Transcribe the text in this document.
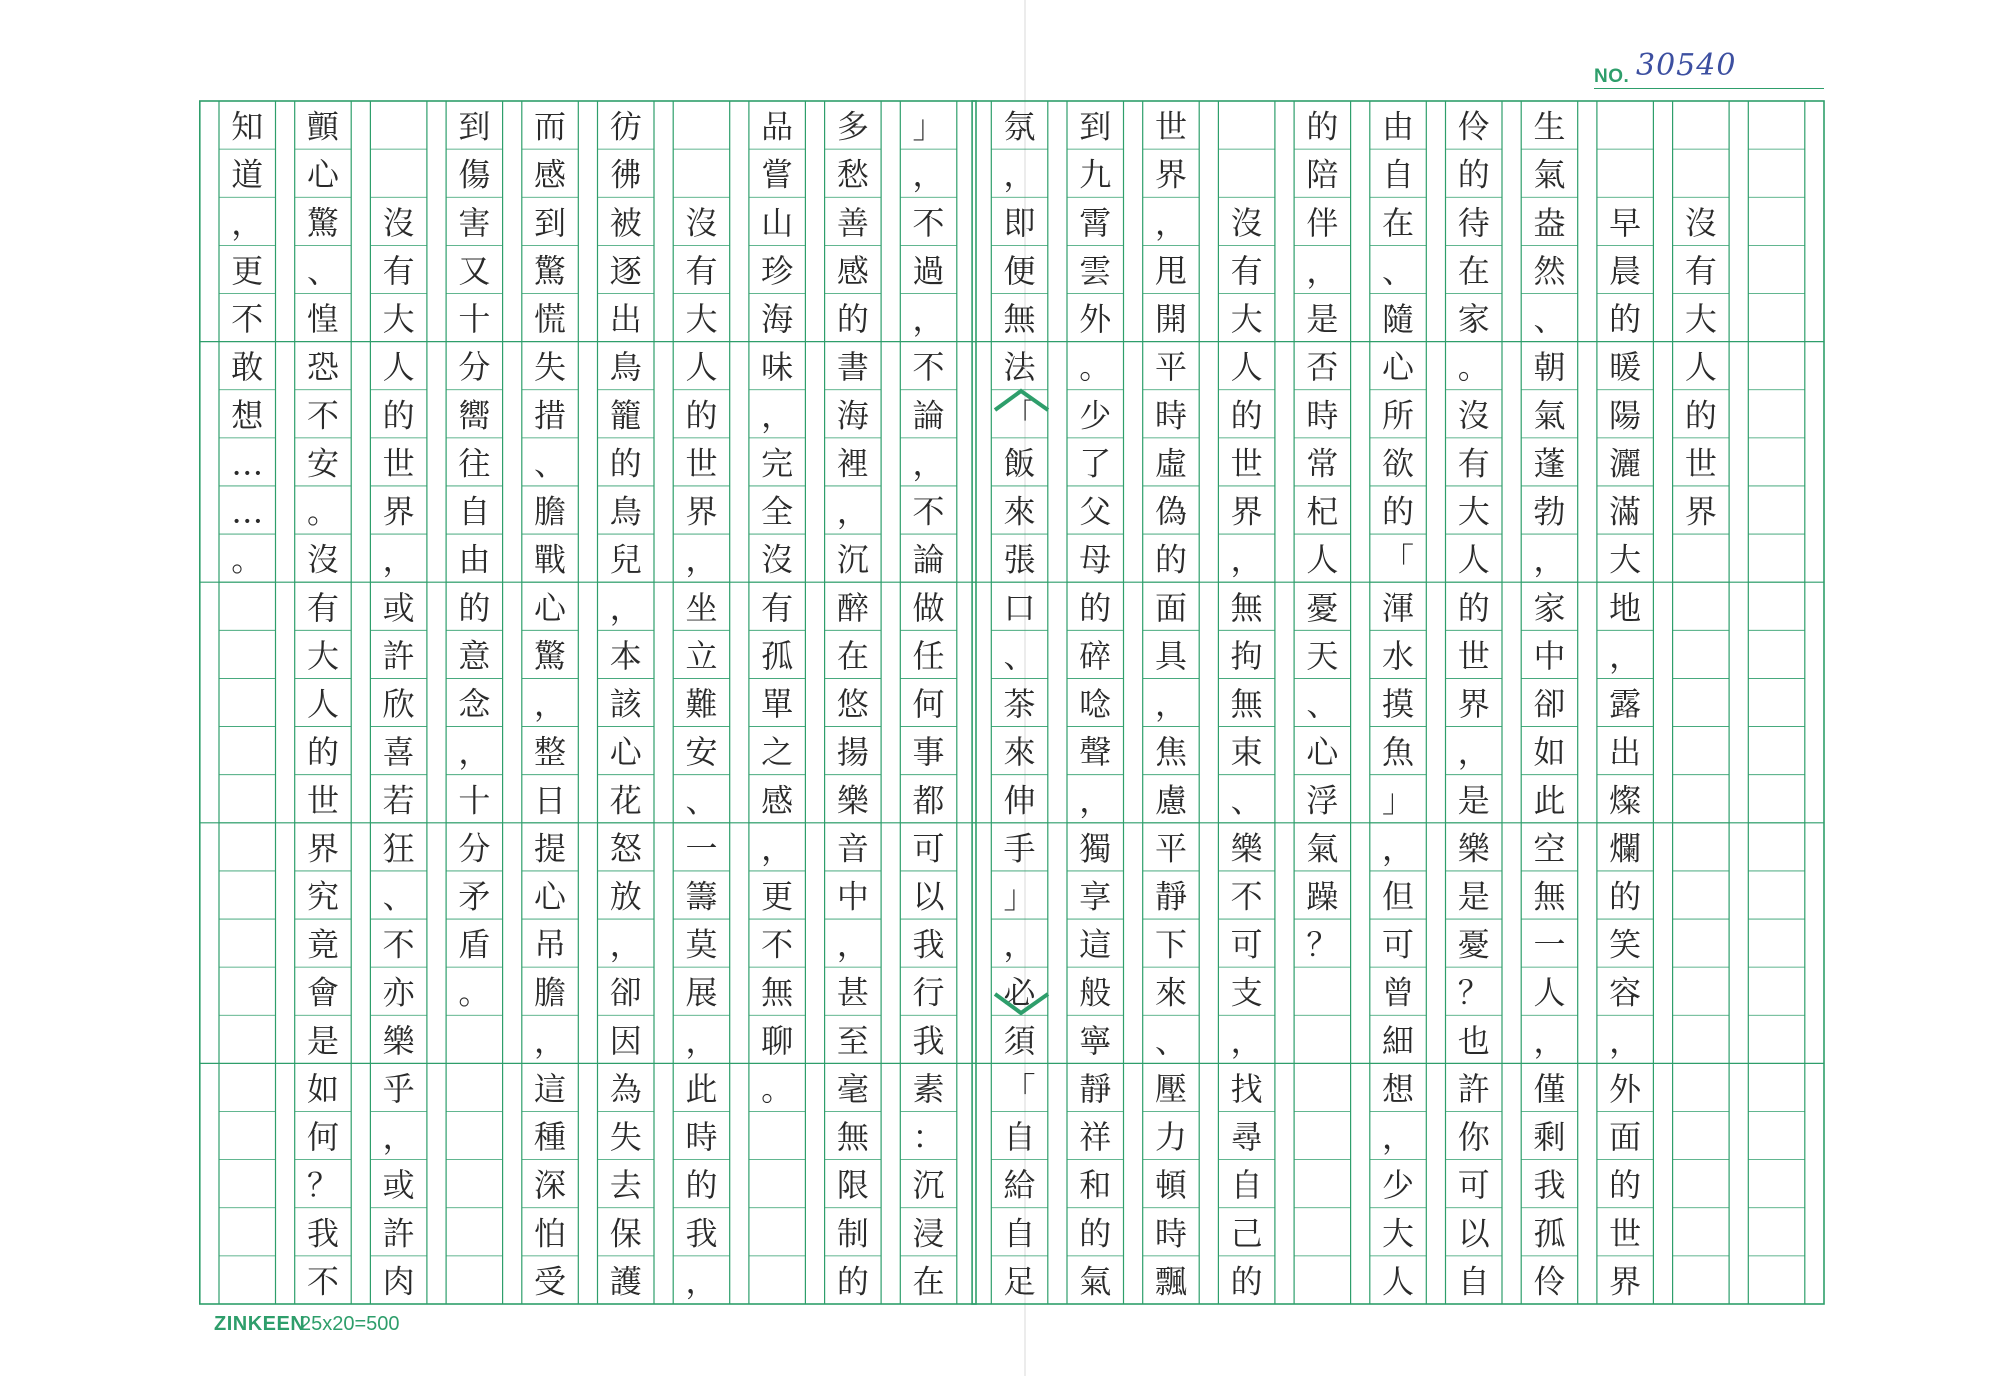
NO. 30540
沒
有
大
人
的
世
界
早
晨
的
暖
陽
灑
滿
大
地
，
露
出
燦
爛
的
笑
容
，
外
面
的
世
界
生
氣
盎
然
、
朝
氣
蓬
勃
，
家
中
卻
如
此
空
無
一
人
，
僅
剩
我
孤
伶
伶
的
待
在
家
。
沒
有
大
人
的
世
界
，
是
樂
是
憂
？
也
許
你
可
以
自
由
自
在
、
隨
心
所
欲
的
「
渾
水
摸
魚
」
，
但
可
曾
細
想
，
少
大
人
的
陪
伴
，
是
否
時
常
杞
人
憂
天
、
心
浮
氣
躁
？
沒
有
大
人
的
世
界
，
無
拘
無
束
、
樂
不
可
支
，
找
尋
自
己
的
世
界
，
甩
開
平
時
虛
偽
的
面
具
，
焦
慮
平
靜
下
來
、
壓
力
頓
時
飄
到
九
霄
雲
外
。
少
了
父
母
的
碎
唸
聲
，
獨
享
這
般
寧
靜
祥
和
的
氣
氛
，
即
便
無
法
「
飯
來
張
口
、
茶
來
伸
手
」
，
必
須
「
自
給
自
足
」
，
不
過
，
不
論
，
不
論
做
任
何
事
都
可
以
我
行
我
素
：
沉
浸
在
多
愁
善
感
的
書
海
裡
，
沉
醉
在
悠
揚
樂
音
中
，
甚
至
毫
無
限
制
的
品
嘗
山
珍
海
味
，
完
全
沒
有
孤
單
之
感
，
更
不
無
聊
。
沒
有
大
人
的
世
界
，
坐
立
難
安
、
一
籌
莫
展
，
此
時
的
我
，
彷
彿
被
逐
出
鳥
籠
的
鳥
兒
，
本
該
心
花
怒
放
，
卻
因
為
失
去
保
護
而
感
到
驚
慌
失
措
、
膽
戰
心
驚
，
整
日
提
心
吊
膽
，
這
種
深
怕
受
到
傷
害
又
十
分
嚮
往
自
由
的
意
念
，
十
分
矛
盾
。
沒
有
大
人
的
世
界
，
或
許
欣
喜
若
狂
、
不
亦
樂
乎
，
或
許
肉
顫
心
驚
、
惶
恐
不
安
。
沒
有
大
人
的
世
界
究
竟
會
是
如
何
？
我
不
知
道
，
更
不
敢
想
…
…
。
ZINKEEN
25x20=500
